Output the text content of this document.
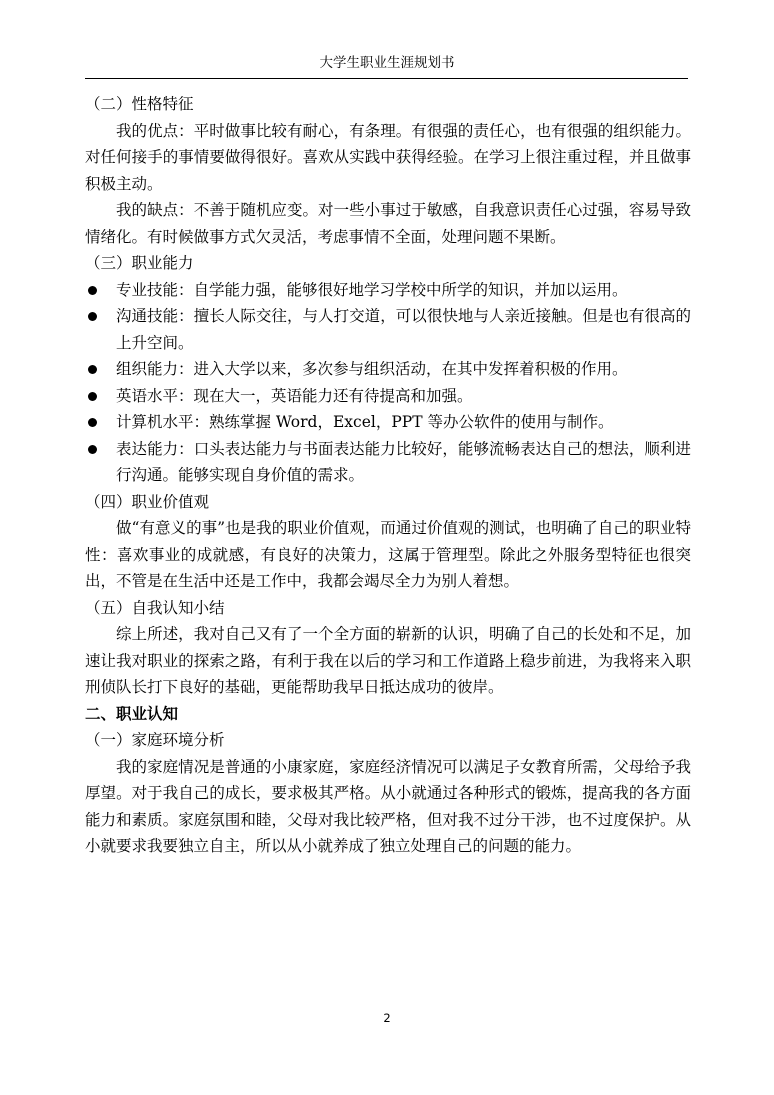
大学生职业生涯规划书

（二）性格特征

我的优点：平时做事比较有耐心，有条理。有很强的责任心，也有很强的组织能力。对任何接手的事情要做得很好。喜欢从实践中获得经验。在学习上很注重过程，并且做事积极主动。

我的缺点：不善于随机应变。对一些小事过于敏感，自我意识责任心过强，容易导致情绪化。有时候做事方式欠灵活，考虑事情不全面，处理问题不果断。

（三）职业能力

专业技能：自学能力强，能够很好地学习学校中所学的知识，并加以运用。
沟通技能：擅长人际交往，与人打交道，可以很快地与人亲近接触。但是也有很高的上升空间。
组织能力：进入大学以来，多次参与组织活动，在其中发挥着积极的作用。
英语水平：现在大一，英语能力还有待提高和加强。
计算机水平：熟练掌握 Word，Excel，PPT 等办公软件的使用与制作。
表达能力：口头表达能力与书面表达能力比较好，能够流畅表达自己的想法，顺利进行沟通。能够实现自身价值的需求。

（四）职业价值观

做“有意义的事”也是我的职业价值观，而通过价值观的测试，也明确了自己的职业特性：喜欢事业的成就感，有良好的决策力，这属于管理型。除此之外服务型特征也很突出，不管是在生活中还是工作中，我都会竭尽全力为别人着想。

（五）自我认知小结

综上所述，我对自己又有了一个全方面的崭新的认识，明确了自己的长处和不足，加速让我对职业的探索之路，有利于我在以后的学习和工作道路上稳步前进，为我将来入职刑侦队长打下良好的基础，更能帮助我早日抵达成功的彼岸。

二、职业认知

（一）家庭环境分析

我的家庭情况是普通的小康家庭，家庭经济情况可以满足子女教育所需，父母给予我厚望。对于我自己的成长，要求极其严格。从小就通过各种形式的锻炼，提高我的各方面能力和素质。家庭氛围和睦，父母对我比较严格，但对我不过分干涉，也不过度保护。从小就要求我要独立自主，所以从小就养成了独立处理自己的问题的能力。

2
